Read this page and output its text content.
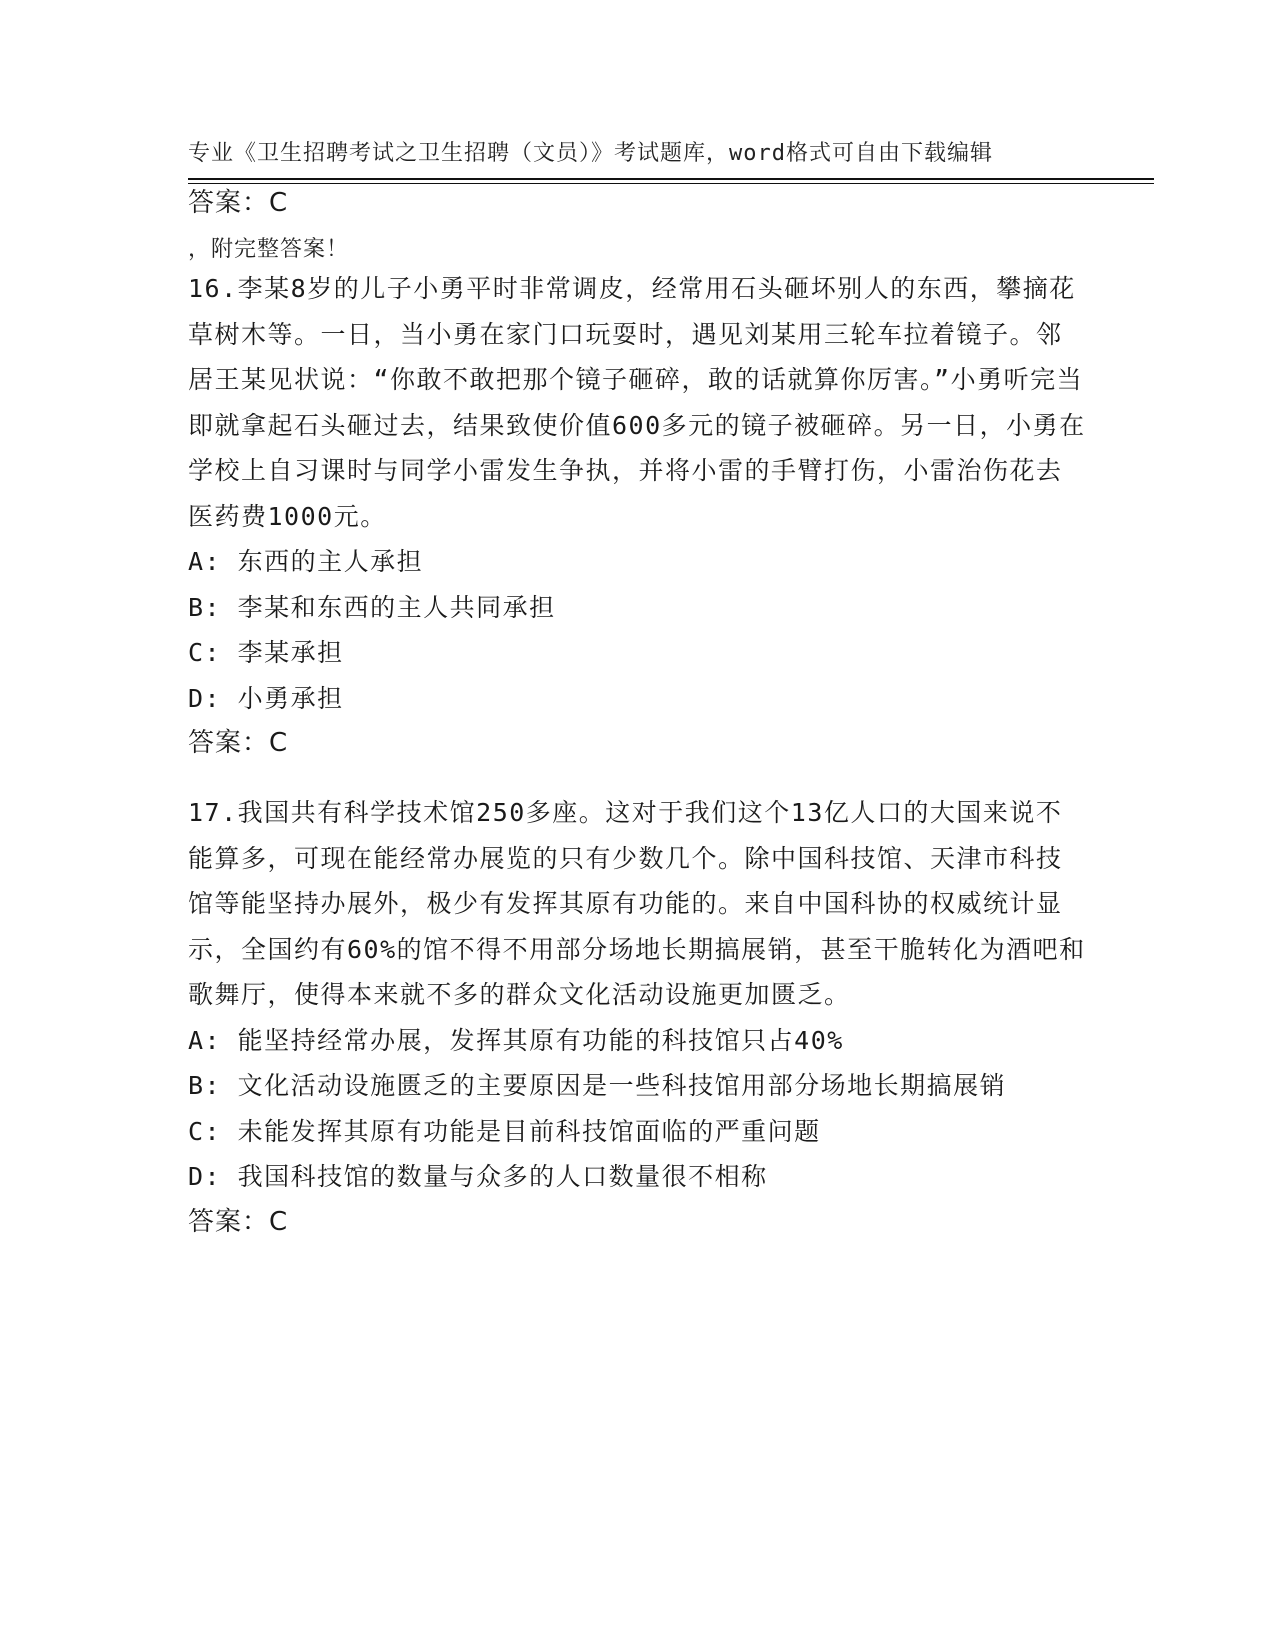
专业《卫生招聘考试之卫生招聘（文员）》考试题库，word格式可自由下载编辑

，附完整答案！

答案：C
16.李某8岁的儿子小勇平时非常调皮，经常用石头砸坏别人的东西，攀摘花草树木等。一日，当小勇在家门口玩耍时，遇见刘某用三轮车拉着镜子。邻居王某见状说：“你敢不敢把那个镜子砸碎，敢的话就算你厉害。”小勇听完当即就拿起石头砸过去，结果致使价值600多元的镜子被砸碎。另一日，小勇在学校上自习课时与同学小雷发生争执，并将小雷的手臂打伤，小雷治伤花去医药费1000元。
A: 东西的主人承担
B: 李某和东西的主人共同承担
C: 李某承担
D: 小勇承担
答案：C
17.我国共有科学技术馆250多座。这对于我们这个13亿人口的大国来说不能算多，可现在能经常办展览的只有少数几个。除中国科技馆、天津市科技馆等能坚持办展外，极少有发挥其原有功能的。来自中国科协的权威统计显示，全国约有60%的馆不得不用部分场地长期搞展销，甚至干脆转化为酒吧和歌舞厅，使得本来就不多的群众文化活动设施更加匮乏。
A: 能坚持经常办展，发挥其原有功能的科技馆只占40%
B: 文化活动设施匮乏的主要原因是一些科技馆用部分场地长期搞展销
C: 未能发挥其原有功能是目前科技馆面临的严重问题
D: 我国科技馆的数量与众多的人口数量很不相称
答案：C
